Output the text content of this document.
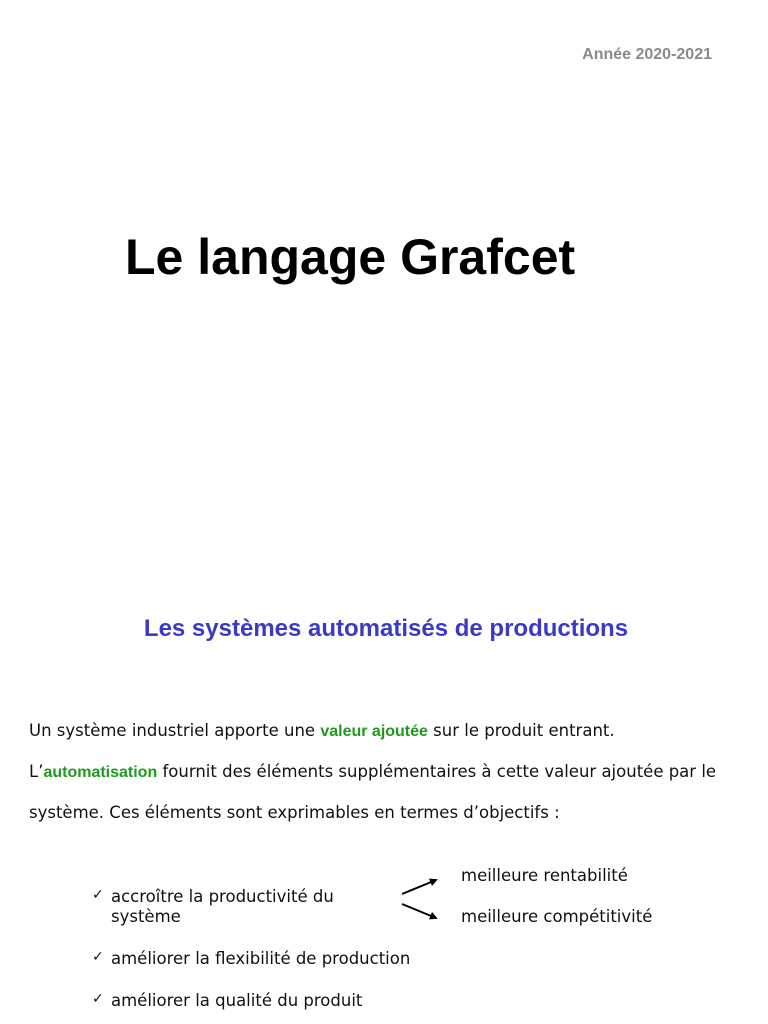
Année 2020-2021
Le langage Grafcet
Les systèmes automatisés de productions

Un système industriel apporte une valeur ajoutée sur le produit entrant.

L’automatisation fournit des éléments supplémentaires à cette valeur ajoutée par le

système. Ces éléments sont exprimables en termes d’objectifs :

✓ accroître la productivité du
système
✓ améliorer la flexibilité de production
✓ améliorer la qualité du produit
meilleure rentabilité
meilleure compétitivité
